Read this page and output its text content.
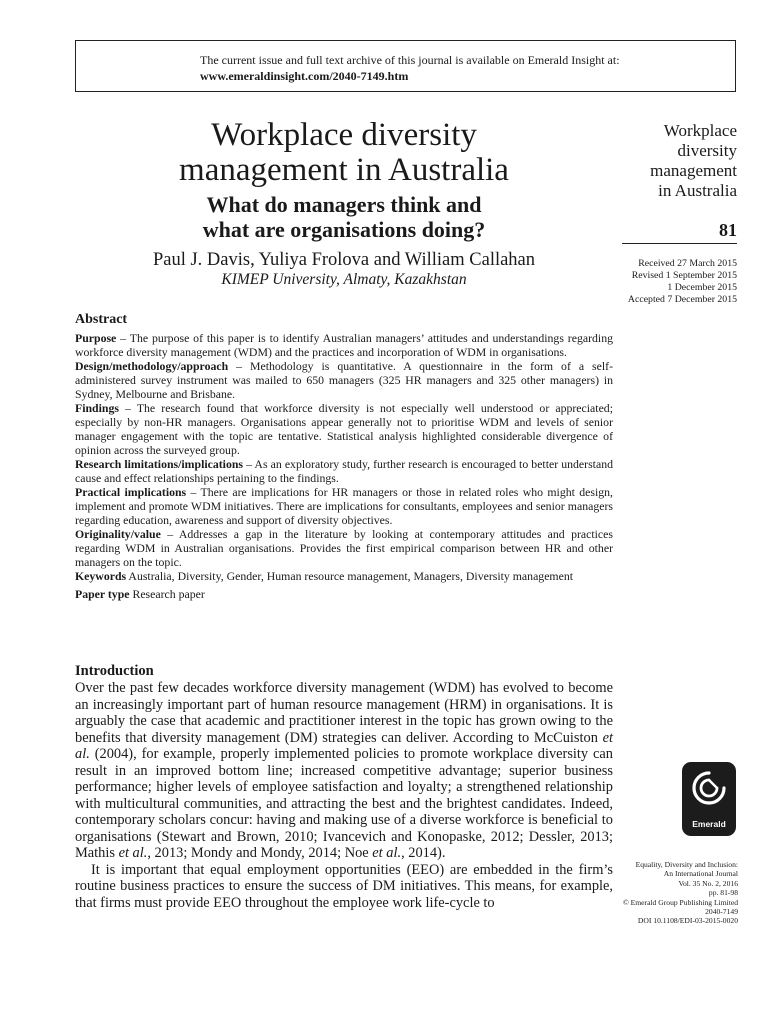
The current issue and full text archive of this journal is available on Emerald Insight at:
www.emeraldinsight.com/2040-7149.htm
Workplace diversity
management in Australia
What do managers think and
what are organisations doing?
Paul J. Davis, Yuliya Frolova and William Callahan
KIMEP University, Almaty, Kazakhstan
Workplace
diversity
management
in Australia
81
Received 27 March 2015
Revised 1 September 2015
1 December 2015
Accepted 7 December 2015
Abstract

Purpose – The purpose of this paper is to identify Australian managers’ attitudes and understandings regarding workforce diversity management (WDM) and the practices and incorporation of WDM in organisations.

Design/methodology/approach – Methodology is quantitative. A questionnaire in the form of a self-administered survey instrument was mailed to 650 managers (325 HR managers and 325 other managers) in Sydney, Melbourne and Brisbane.

Findings – The research found that workforce diversity is not especially well understood or appreciated; especially by non-HR managers. Organisations appear generally not to prioritise WDM and levels of senior manager engagement with the topic are tentative. Statistical analysis highlighted considerable divergence of opinion across the surveyed group.

Research limitations/implications – As an exploratory study, further research is encouraged to better understand cause and effect relationships pertaining to the findings.

Practical implications – There are implications for HR managers or those in related roles who might design, implement and promote WDM initiatives. There are implications for consultants, employees and senior managers regarding education, awareness and support of diversity objectives.

Originality/value – Addresses a gap in the literature by looking at contemporary attitudes and practices regarding WDM in Australian organisations. Provides the first empirical comparison between HR and other managers on the topic.

Keywords Australia, Diversity, Gender, Human resource management, Managers, Diversity management

Paper type Research paper

Introduction

Over the past few decades workforce diversity management (WDM) has evolved to become an increasingly important part of human resource management (HRM) in organisations. It is arguably the case that academic and practitioner interest in the topic has grown owing to the benefits that diversity management (DM) strategies can deliver. According to McCuiston et al. (2004), for example, properly implemented policies to promote workplace diversity can result in an improved bottom line; increased competitive advantage; superior business performance; higher levels of employee satisfaction and loyalty; a strengthened relationship with multicultural communities, and attracting the best and the brightest candidates. Indeed, contemporary scholars concur: having and making use of a diverse workforce is beneficial to organisations (Stewart and Brown, 2010; Ivancevich and Konopaske, 2012; Dessler, 2013; Mathis et al., 2013; Mondy and Mondy, 2014; Noe et al., 2014).

It is important that equal employment opportunities (EEO) are embedded in the firm’s routine business practices to ensure the success of DM initiatives. This means, for example, that firms must provide EEO throughout the employee work life-cycle to

Emerald
Equality, Diversity and Inclusion:
An International Journal
Vol. 35 No. 2, 2016
pp. 81-98
© Emerald Group Publishing Limited
2040-7149
DOI 10.1108/EDI-03-2015-0020
